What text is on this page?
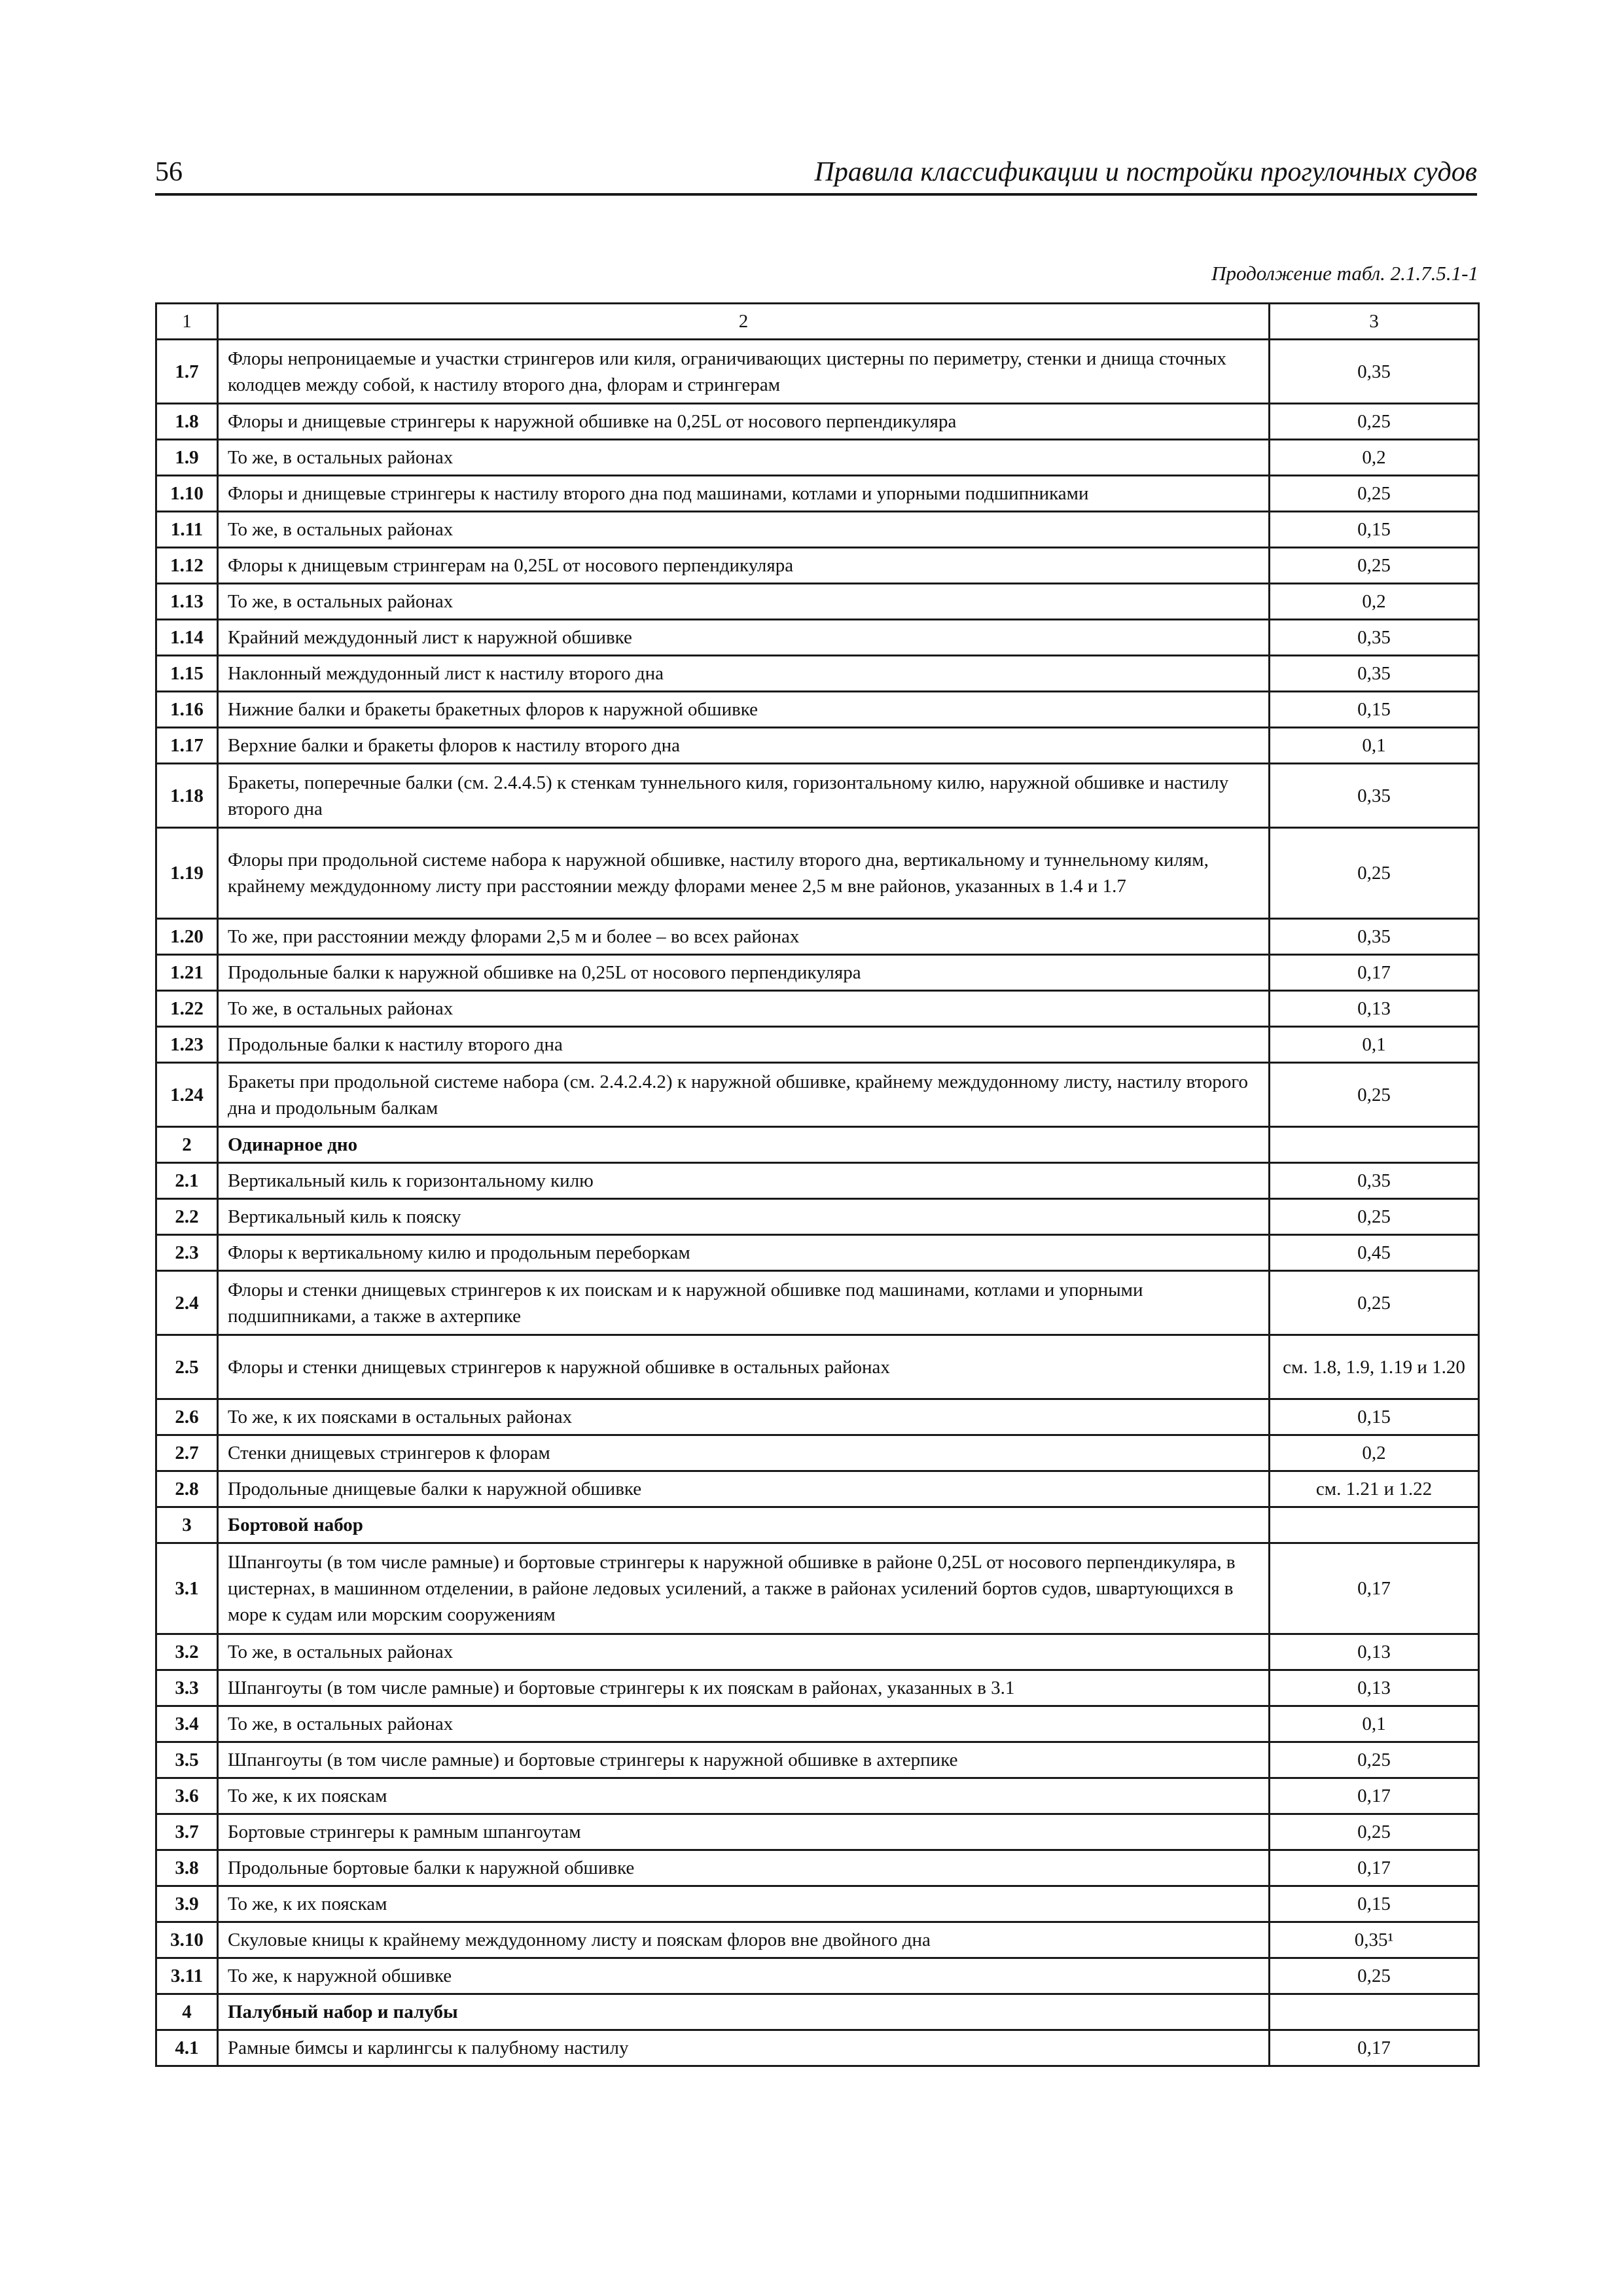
56	Правила классификации и постройки прогулочных судов
Продолжение табл. 2.1.7.5.1-1
1	2	3
1.7	Флоры непроницаемые и участки стрингеров или киля, ограничивающих цистерны по периметру, стенки и днища сточных колодцев между собой, к настилу второго дна, флорам и стрингерам	0,35
1.8	Флоры и днищевые стрингеры к наружной обшивке на 0,25L от носового перпендикуляра	0,25
1.9	То же, в остальных районах	0,2
1.10	Флоры и днищевые стрингеры к настилу второго дна под машинами, котлами и упорными подшипниками	0,25
1.11	То же, в остальных районах	0,15
1.12	Флоры к днищевым стрингерам на 0,25L от носового перпендикуляра	0,25
1.13	То же, в остальных районах	0,2
1.14	Крайний междудонный лист к наружной обшивке	0,35
1.15	Наклонный междудонный лист к настилу второго дна	0,35
1.16	Нижние балки и бракеты бракетных флоров к наружной обшивке	0,15
1.17	Верхние балки и бракеты флоров к настилу второго дна	0,1
1.18	Бракеты, поперечные балки (см. 2.4.4.5) к стенкам туннельного киля, горизонтальному килю, наружной обшивке и настилу второго дна	0,35
1.19	Флоры при продольной системе набора к наружной обшивке, настилу второго дна, вертикальному и туннельному килям, крайнему междудонному листу при расстоянии между флорами менее 2,5 м вне районов, указанных в 1.4 и 1.7	0,25
1.20	То же, при расстоянии между флорами 2,5 м и более – во всех районах	0,35
1.21	Продольные балки к наружной обшивке на 0,25L от носового перпендикуляра	0,17
1.22	То же, в остальных районах	0,13
1.23	Продольные балки к настилу второго дна	0,1
1.24	Бракеты при продольной системе набора (см. 2.4.2.4.2) к наружной обшивке, крайнему междудонному листу, настилу второго дна и продольным балкам	0,25
2	Одинарное дно	
2.1	Вертикальный киль к горизонтальному килю	0,35
2.2	Вертикальный киль к пояску	0,25
2.3	Флоры к вертикальному килю и продольным переборкам	0,45
2.4	Флоры и стенки днищевых стрингеров к их поискам и к наружной обшивке под машинами, котлами и упорными подшипниками, а также в ахтерпике	0,25
2.5	Флоры и стенки днищевых стрингеров к наружной обшивке в остальных районах	см. 1.8, 1.9, 1.19 и 1.20
2.6	То же, к их поясками в остальных районах	0,15
2.7	Стенки днищевых стрингеров к флорам	0,2
2.8	Продольные днищевые балки к наружной обшивке	см. 1.21 и 1.22
3	Бортовой набор	
3.1	Шпангоуты (в том числе рамные) и бортовые стрингеры к наружной обшивке в районе 0,25L от носового перпендикуляра, в цистернах, в машинном отделении, в районе ледовых усилений, а также в районах усилений бортов судов, швартующихся в море к судам или морским сооружениям	0,17
3.2	То же, в остальных районах	0,13
3.3	Шпангоуты (в том числе рамные) и бортовые стрингеры к их пояскам в районах, указанных в 3.1	0,13
3.4	То же, в остальных районах	0,1
3.5	Шпангоуты (в том числе рамные) и бортовые стрингеры к наружной обшивке в ахтерпике	0,25
3.6	То же, к их пояскам	0,17
3.7	Бортовые стрингеры к рамным шпангоутам	0,25
3.8	Продольные бортовые балки к наружной обшивке	0,17
3.9	То же, к их пояскам	0,15
3.10	Скуловые кницы к крайнему междудонному листу и пояскам флоров вне двойного дна	0,35¹
3.11	То же, к наружной обшивке	0,25
4	Палубный набор и палубы	
4.1	Рамные бимсы и карлингсы к палубному настилу	0,17
